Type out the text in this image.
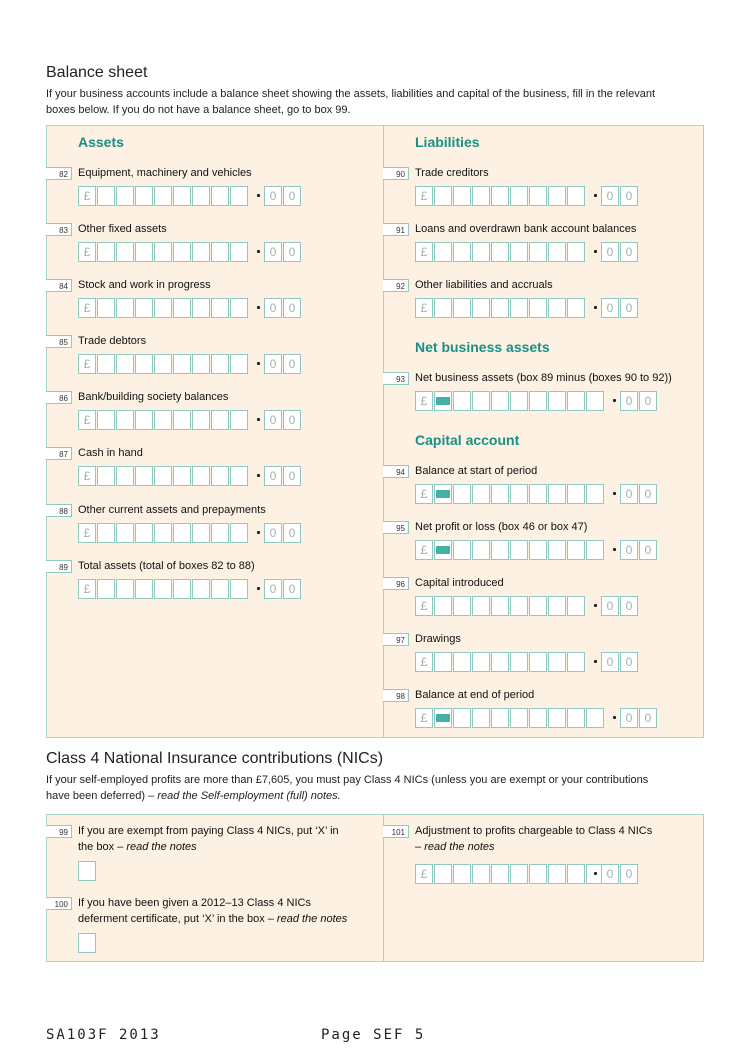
Balance sheet
If your business accounts include a balance sheet showing the assets, liabilities and capital of the business, fill in the relevant
boxes below. If you do not have a balance sheet, go to box 99.
Assets	Liabilities
Net business assets
Capital account
82 Equipment, machinery and vehicles
£	0	0
83 Other fixed assets
£	0	0
84 Stock and work in progress
£	0	0
85 Trade debtors
£	0	0
86 Bank/building society balances
£	0	0
87 Cash in hand
£	0	0
88 Other current assets and prepayments
£	0	0
89 Total assets (total of boxes 82 to 88)
£	0	0
90 Trade creditors
£	0	0
91 Loans and overdrawn bank account balances
£	0	0
92 Other liabilities and accruals
£	0	0
93 Net business assets (box 89 minus (boxes 90 to 92))
£	0	0
94 Balance at start of period
£	0	0
95 Net profit or loss (box 46 or box 47)
£	0	0
96 Capital introduced
£	0	0
97 Drawings
£	0	0
98 Balance at end of period
£	0	0
Class 4 National Insurance contributions (NICs)
If your self-employed profits are more than £7,605, you must pay Class 4 NICs (unless you are exempt or your contributions
have been deferred) – read the Self-employment (full) notes.
99 If you are exempt from paying Class 4 NICs, put ‘X’ in
the box – read the notes
100 If you have been given a 2012–13 Class 4 NICs
deferment certificate, put ‘X’ in the box – read the notes
101 Adjustment to profits chargeable to Class 4 NICs
– read the notes
£	0	0
SA103F 2013	Page SEF 5
